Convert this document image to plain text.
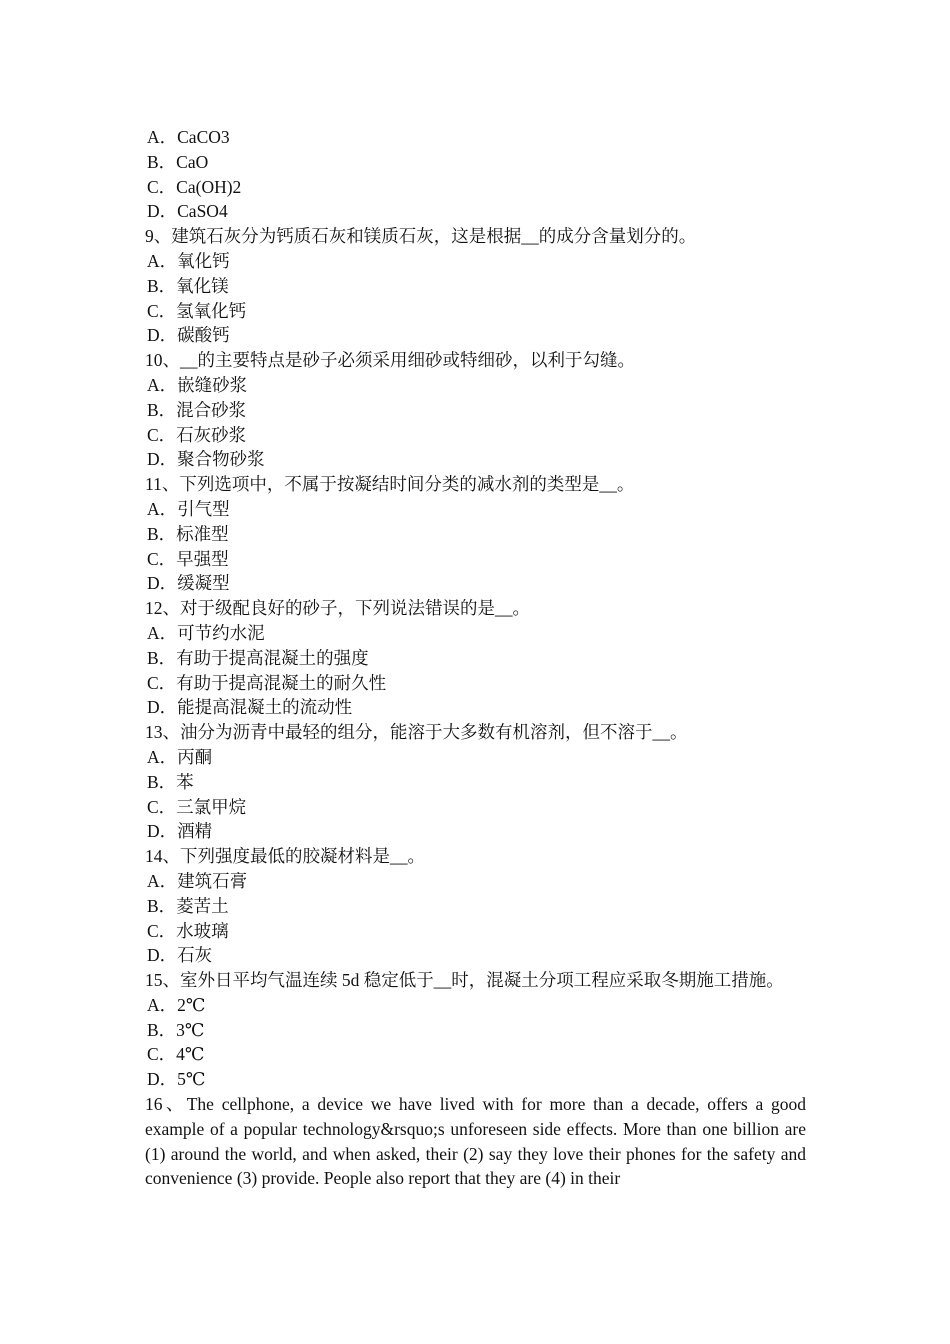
A．CaCO3
B．CaO
C．Ca(OH)2
D．CaSO4
9、建筑石灰分为钙质石灰和镁质石灰，这是根据__的成分含量划分的。
A．氧化钙
B．氧化镁
C．氢氧化钙
D．碳酸钙
10、__的主要特点是砂子必须采用细砂或特细砂，以利于勾缝。
A．嵌缝砂浆
B．混合砂浆
C．石灰砂浆
D．聚合物砂浆
11、下列选项中，不属于按凝结时间分类的减水剂的类型是__。
A．引气型
B．标准型
C．早强型
D．缓凝型
12、对于级配良好的砂子，下列说法错误的是__。
A．可节约水泥
B．有助于提高混凝土的强度
C．有助于提高混凝土的耐久性
D．能提高混凝土的流动性
13、油分为沥青中最轻的组分，能溶于大多数有机溶剂，但不溶于__。
A．丙酮
B．苯
C．三氯甲烷
D．酒精
14、下列强度最低的胶凝材料是__。
A．建筑石膏
B．菱苦土
C．水玻璃
D．石灰
15、室外日平均气温连续 5d 稳定低于__时，混凝土分项工程应采取冬期施工措施。
A．2℃
B．3℃
C．4℃
D．5℃
16、The cellphone, a device we have lived with for more than a decade, offers a good example of a popular technology&rsquo;s unforeseen side effects. More than one billion are (1) around the world, and when asked, their (2) say they love their phones for the safety and convenience (3) provide. People also report that they are (4) in their
